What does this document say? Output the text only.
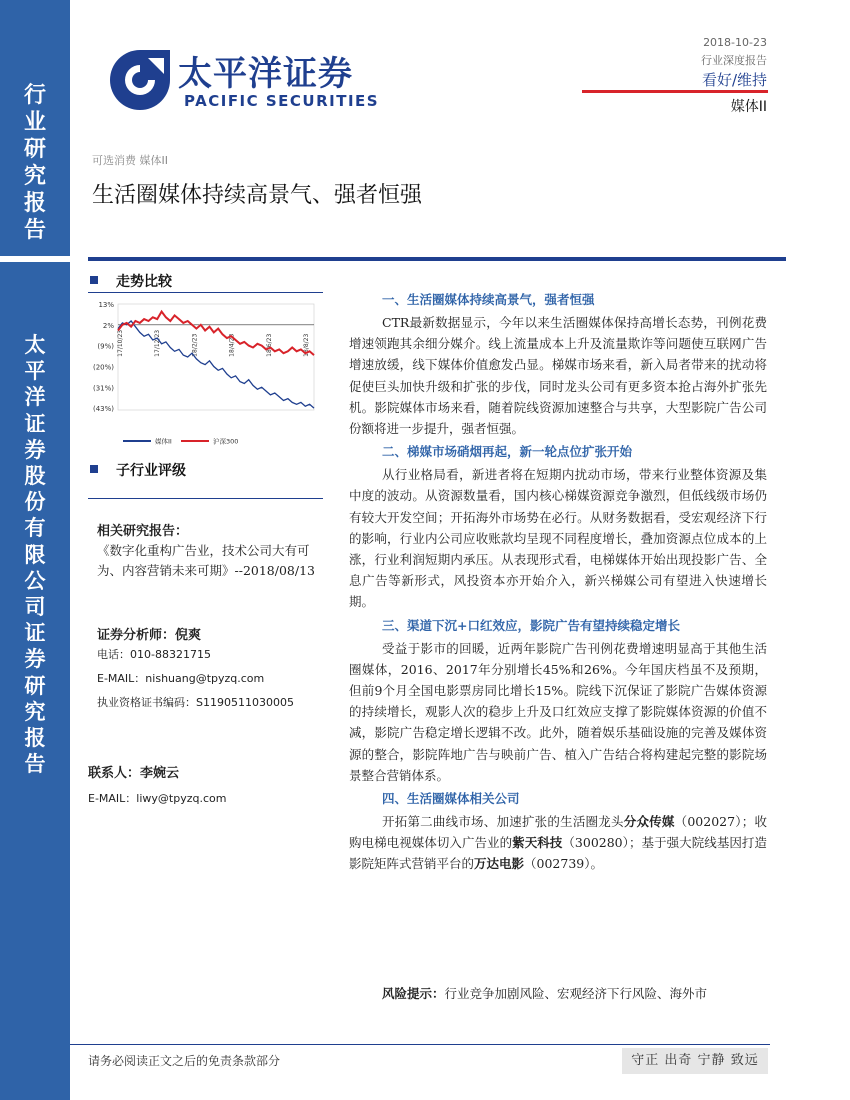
行
业
研
究
报
告
太
平
洋
证
券
股
份
有
限
公
司
证
券
研
究
报
告
太平洋证券
PACIFIC SECURITIES
2018-10-23
行业深度报告
看好/维持
媒体II
可选消费 媒体II
生活圈媒体持续高景气、强者恒强
走势比较
13%
2%
(9%)
(20%)
(31%)
(43%)
17/10/23	17/12/23	18/2/23	18/4/23	18/6/23	18/8/23
媒体II	沪深300
子行业评级
相关研究报告：
《数字化重构广告业，技术公司大有可为、内容营销未来可期》--2018/08/13
证券分析师：倪爽
电话：010-88321715
E-MAIL：nishuang@tpyzq.com
执业资格证书编码：S1190511030005
联系人：李婉云
E-MAIL：liwy@tpyzq.com
一、生活圈媒体持续高景气，强者恒强

CTR最新数据显示，今年以来生活圈媒体保持高增长态势，刊例花费增速领跑其余细分媒介。线上流量成本上升及流量欺诈等问题使互联网广告增速放缓，线下媒体价值愈发凸显。梯媒市场来看，新入局者带来的扰动将促使巨头加快升级和扩张的步伐，同时龙头公司有更多资本抢占海外扩张先机。影院媒体市场来看，随着院线资源加速整合与共享，大型影院广告公司份额将进一步提升，强者恒强。

二、梯媒市场硝烟再起，新一轮点位扩张开始

从行业格局看，新进者将在短期内扰动市场，带来行业整体资源及集中度的波动。从资源数量看，国内核心梯媒资源竞争激烈，但低线级市场仍有较大开发空间；开拓海外市场势在必行。从财务数据看，受宏观经济下行的影响，行业内公司应收账款均呈现不同程度增长，叠加资源点位成本的上涨，行业利润短期内承压。从表现形式看，电梯媒体开始出现投影广告、全息广告等新形式，风投资本亦开始介入，新兴梯媒公司有望进入快速增长期。

三、渠道下沉+口红效应，影院广告有望持续稳定增长

受益于影市的回暖，近两年影院广告刊例花费增速明显高于其他生活圈媒体，2016、2017年分别增长45%和26%。今年国庆档虽不及预期，但前9个月全国电影票房同比增长15%。院线下沉保证了影院广告媒体资源的持续增长，观影人次的稳步上升及口红效应支撑了影院媒体资源的价值不减，影院广告稳定增长逻辑不改。此外，随着娱乐基础设施的完善及媒体资源的整合，影院阵地广告与映前广告、植入广告结合将构建起完整的影院场景整合营销体系。

四、生活圈媒体相关公司

开拓第二曲线市场、加速扩张的生活圈龙头分众传媒（002027）；收购电梯电视媒体切入广告业的紫天科技（300280）；基于强大院线基因打造影院矩阵式营销平台的万达电影（002739）。

风险提示：行业竞争加剧风险、宏观经济下行风险、海外市
请务必阅读正文之后的免责条款部分	守正 出奇 宁静 致远
